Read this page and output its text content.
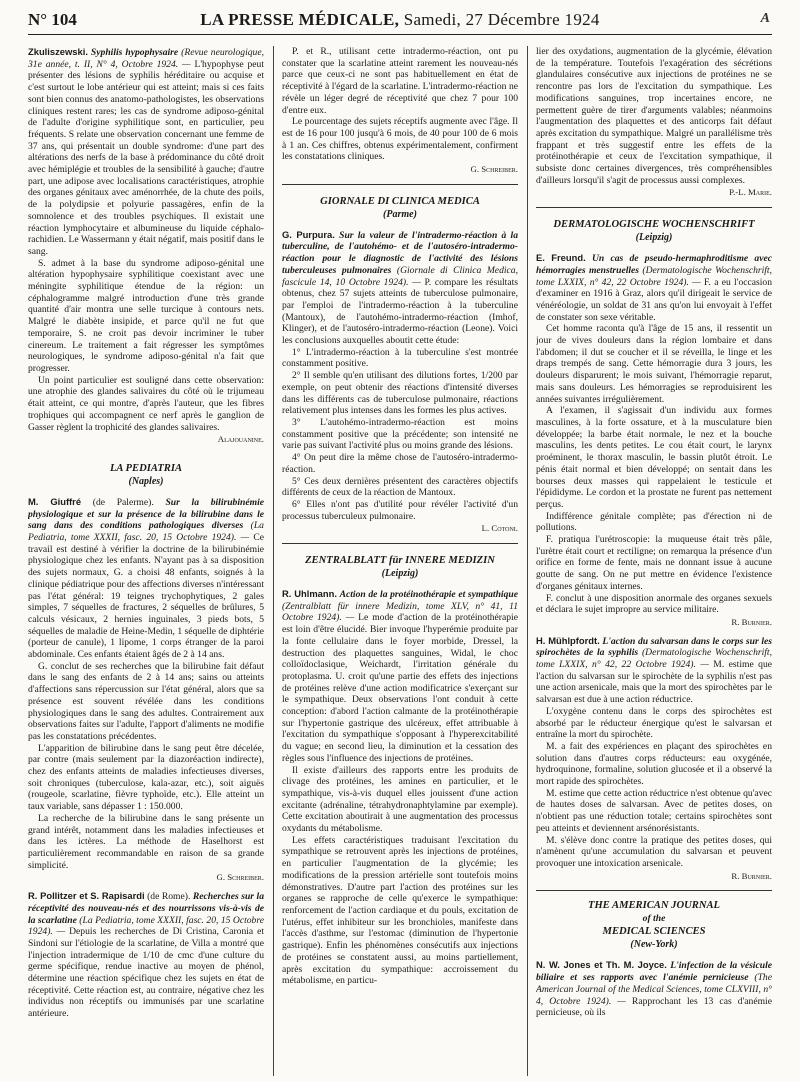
N° 104	LA PRESSE MÉDICALE, Samedi, 27 Décembre 1924	A

Zkuliszewski. Syphilis hypophysaire (Revue neurologique, 31e année, t. II, N° 4, Octobre 1924. — L'hypophyse peut présenter des lésions de syphilis héréditaire ou acquise et c'est surtout le lobe antérieur qui est atteint; mais si ces faits sont bien connus des anatomo-pathologistes, les observations cliniques restent rares; les cas de syndrome adiposo-génital de l'adulte d'origine syphilitique sont, en particulier, peu fréquents. S relate une observation concernant une femme de 37 ans, qui présentait un double syndrome: d'une part des altérations des nerfs de la base à prédominance du côté droit avec hémiplégie et troubles de la sensibilité à gauche; d'autre part, une adipose avec localisations caractéristiques, atrophie des organes génitaux avec aménorrhée, de la chute des poils, de la polydipsie et polyurie passagères, enfin de la somnolence et des troubles psychiques. Il existait une réaction lymphocytaire et albumineuse du liquide céphalo-rachidien. Le Wassermann y était négatif, mais positif dans le sang.

S. admet à la base du syndrome adiposo-génital une altération hypophysaire syphilitique coexistant avec une méningite syphilitique étendue de la région: un céphalogramme malgré introduction d'une très grande quantité d'air montra une selle turcique à contours nets. Malgré le diabète insipide, et parce qu'il ne fut que temporaire, S. ne croit pas devoir incriminer le tuber cinereum. Le traitement a fait régresser les symptômes neurologiques, le syndrome adiposo-génital n'a fait que progresser.

Un point particulier est souligné dans cette observation: une atrophie des glandes salivaires du côté où le trijumeau était atteint, ce qui montre, d'après l'auteur, que les fibres trophiques qui accompagnent ce nerf après le ganglion de Gasser règlent la trophicité des glandes salivaires.

Alajouanine.
LA PEDIATRIA
(Naples)

M. Giuffré (de Palerme). Sur la bilirubinémie physiologique et sur la présence de la bilirubine dans le sang dans des conditions pathologiques diverses (La Pediatria, tome XXXII, fasc. 20, 15 Octobre 1924). — Ce travail est destiné à vérifier la doctrine de la bilirubinémie physiologique chez les enfants. N'ayant pas à sa disposition des sujets normaux, G. a choisi 48 enfants, soignés à la clinique pédiatrique pour des affections diverses n'intéressant pas l'état général: 19 teignes trychophytiques, 2 gales simples, 7 séquelles de fractures, 2 séquelles de brûlures, 5 calculs vésicaux, 2 hernies inguinales, 3 pieds bots, 5 séquelles de maladie de Heine-Medin, 1 séquelle de diphtérie (porteur de canule), 1 lipome, 1 corps étranger de la paroi abdominale. Ces enfants étaient âgés de 2 à 14 ans.

G. conclut de ses recherches que la bilirubine fait défaut dans le sang des enfants de 2 à 14 ans; sains ou atteints d'affections sans répercussion sur l'état général, alors que sa présence est souvent révélée dans les conditions physiologiques dans le sang des adultes. Contrairement aux observations faites sur l'adulte, l'apport d'aliments ne modifie pas les constatations précédentes.

L'apparition de bilirubine dans le sang peut être décelée, par contre (mais seulement par la diazoréaction indirecte), chez des enfants atteints de maladies infectieuses diverses, soit chroniques (tuberculose, kala-azar, etc.), soit aiguës (rougeole, scarlatine, fièvre typhoïde, etc.). Elle atteint un taux variable, sans dépasser 1 : 150.000.

La recherche de la bilirubine dans le sang présente un grand intérêt, notamment dans les maladies infectieuses et dans les ictères. La méthode de Haselhorst est particulièrement recommandable en raison de sa grande simplicité.

G. Schreiber.

R. Pollitzer et S. Rapisardi (de Rome). Recherches sur la réceptivité des nouveau-nés et des nourrissons vis-à-vis de la scarlatine (La Pediatria, tome XXXII, fasc. 20, 15 Octobre 1924). — Depuis les recherches de Di Cristina, Caronia et Sindoni sur l'étiologie de la scarlatine, de Villa a montré que l'injection intradermique de 1/10 de cmc d'une culture du germe spécifique, rendue inactive au moyen de phénol, détermine une réaction spécifique chez les sujets en état de réceptivité. Cette réaction est, au contraire, négative chez les individus non réceptifs ou immunisés par une scarlatine antérieure.

P. et R., utilisant cette intradermo-réaction, ont pu constater que la scarlatine atteint rarement les nouveau-nés parce que ceux-ci ne sont pas habituellement en état de réceptivité à l'égard de la scarlatine. L'intradermo-réaction ne révèle un léger degré de réceptivité que chez 7 pour 100 d'entre eux.

Le pourcentage des sujets réceptifs augmente avec l'âge. Il est de 16 pour 100 jusqu'à 6 mois, de 40 pour 100 de 6 mois à 1 an. Ces chiffres, obtenus expérimentalement, confirment les constatations cliniques.

G. Schreiber.
GIORNALE DI CLINICA MEDICA
(Parme)

G. Purpura. Sur la valeur de l'intradermo-réaction à la tuberculine, de l'autohémo- et de l'autoséro-intradermo-réaction pour le diagnostic de l'activité des lésions tuberculeuses pulmonaires (Giornale di Clinica Medica, fascicule 14, 10 Octobre 1924). — P. compare les résultats obtenus, chez 57 sujets atteints de tuberculose pulmonaire, par l'emploi de l'intradermo-réaction à la tuberculine (Mantoux), de l'autohémo-intradermo-réaction (Imhof, Klinger), et de l'autoséro-intradermo-réaction (Leone). Voici les conclusions auxquelles aboutit cette étude:

1° L'intradermo-réaction à la tuberculine s'est montrée constamment positive.

2° Il semble qu'en utilisant des dilutions fortes, 1/200 par exemple, on peut obtenir des réactions d'intensité diverses dans les différents cas de tuberculose pulmonaire, réactions relativement plus intenses dans les formes les plus actives.

3° L'autohémo-intradermo-réaction est moins constamment positive que la précédente; son intensité ne varie pas suivant l'activité plus ou moins grande des lésions.

4° On peut dire la même chose de l'autoséro-intradermo-réaction.

5° Ces deux dernières présentent des caractères objectifs différents de ceux de la réaction de Mantoux.

6° Elles n'ont pas d'utilité pour révéler l'activité d'un processus tuberculeux pulmonaire.

L. Cotoni.
ZENTRALBLATT für INNERE MEDIZIN
(Leipzig)

R. Uhlmann. Action de la protéinothérapie et sympathique (Zentralblatt für innere Medizin, tome XLV, n° 41, 11 Octobre 1924). — Le mode d'action de la protéinothérapie est loin d'être élucidé. Bier invoque l'hyperémie produite par la fonte cellulaire dans le foyer morbide, Dressel, la destruction des plaquettes sanguines, Widal, le choc colloïdoclasique, Weichardt, l'irritation générale du protoplasma. U. croit qu'une partie des effets des injections de protéines relève d'une action modificatrice s'exerçant sur le sympathique. Deux observations l'ont conduit à cette conception: d'abord l'action calmante de la protéinothérapie sur l'hypertonie gastrique des ulcéreux, effet attribuable à l'excitation du sympathique s'opposant à l'hyperexcitabilité du vague; en second lieu, la diminution et la cessation des règles sous l'influence des injections de protéines.

Il existe d'ailleurs des rapports entre les produits de clivage des protéines, les amines en particulier, et le sympathique, vis-à-vis duquel elles jouissent d'une action excitante (adrénaline, tétrahydronaphtylamine par exemple). Cette excitation aboutirait à une augmentation des processus oxydants du métabolisme.

Les effets caractéristiques traduisant l'excitation du sympathique se retrouvent après les injections de protéines, en particulier l'augmentation de la glycémie; les modifications de la pression artérielle sont toutefois moins démonstratives. D'autre part l'action des protéines sur les organes se rapproche de celle qu'exerce le sympathique: renforcement de l'action cardiaque et du pouls, excitation de l'utérus, effet inhibiteur sur les bronchioles, manifeste dans l'accès d'asthme, sur l'estomac (diminution de l'hypertonie gastrique). Enfin les phénomènes consécutifs aux injections de protéines se constatent aussi, au moins partiellement, après excitation du sympathique: accroissement du métabolisme, en particu-

lier des oxydations, augmentation de la glycémie, élévation de la température. Toutefois l'exagération des sécrétions glandulaires consécutive aux injections de protéines ne se rencontre pas lors de l'excitation du sympathique. Les modifications sanguines, trop incertaines encore, ne permettent guère de tirer d'arguments valables; néanmoins l'augmentation des plaquettes et des anticorps fait défaut après excitation du sympathique. Malgré un parallélisme très frappant et très suggestif entre les effets de la protéinothérapie et ceux de l'excitation sympathique, il subsiste donc certaines divergences, très compréhensibles d'ailleurs lorsqu'il s'agit de processus aussi complexes.

P.-L. Marie.
DERMATOLOGISCHE WOCHENSCHRIFT
(Leipzig)

E. Freund. Un cas de pseudo-hermaphroditisme avec hémorragies menstruelles (Dermatologische Wochenschrift, tome LXXIX, n° 42, 22 Octobre 1924). — F. a eu l'occasion d'examiner en 1916 à Graz, alors qu'il dirigeait le service de vénéréologie, un soldat de 31 ans qu'on lui envoyait à l'effet de constater son sexe véritable.

Cet homme raconta qu'à l'âge de 15 ans, il ressentit un jour de vives douleurs dans la région lombaire et dans l'abdomen; il dut se coucher et il se réveilla, le linge et les draps trempés de sang. Cette hémorragie dura 3 jours, les douleurs disparurent; le mois suivant, l'hémorragie reparut, mais sans douleurs. Les hémorragies se reproduisirent les années suivantes irrégulièrement.

A l'examen, il s'agissait d'un individu aux formes masculines, à la forte ossature, et à la musculature bien développée; la barbe était normale, le nez et la bouche masculins, les dents petites. Le cou était court, le larynx proéminent, le thorax masculin, le bassin plutôt étroit. Le pénis était normal et bien développé; on sentait dans les bourses deux masses qui rappelaient le testicule et l'épididyme. Le cordon et la prostate ne furent pas nettement perçus.

Indifférence génitale complète; pas d'érection ni de pollutions.

F. pratiqua l'urétroscopie: la muqueuse était très pâle, l'urètre était court et rectiligne; on remarqua la présence d'un orifice en forme de fente, mais ne donnant issue à aucune goutte de sang. On ne put mettre en évidence l'existence d'organes génitaux internes.

F. conclut à une disposition anormale des organes sexuels et déclara le sujet impropre au service militaire.

R. Burnier.

H. Mühlpfordt. L'action du salvarsan dans le corps sur les spirochètes de la syphilis (Dermatologische Wochenschrift, tome LXXIX, n° 42, 22 Octobre 1924). — M. estime que l'action du salvarsan sur le spirochète de la syphilis n'est pas une action arsenicale, mais que la mort des spirochètes par le salvarsan est due à une action réductrice.

L'oxygène contenu dans le corps des spirochètes est absorbé par le réducteur énergique qu'est le salvarsan et entraîne la mort du spirochète.

M. a fait des expériences en plaçant des spirochètes en solution dans d'autres corps réducteurs: eau oxygénée, hydroquinone, formaline, solution glucosée et il a observé la mort rapide des spirochètes.

M. estime que cette action réductrice n'est obtenue qu'avec de hautes doses de salvarsan. Avec de petites doses, on n'obtient pas une réduction totale; certains spirochètes sont peu atteints et deviennent arsénorésistants.

M. s'élève donc contre la pratique des petites doses, qui n'amènent qu'une accumulation du salvarsan et peuvent provoquer une intoxication arsenicale.

R. Burnier.
THE AMERICAN JOURNAL
of the
MEDICAL SCIENCES
(New-York)

N. W. Jones et Th. M. Joyce. L'infection de la vésicule biliaire et ses rapports avec l'anémie pernicieuse (The American Journal of the Medical Sciences, tome CLXVIII, n° 4, Octobre 1924). — Rapprochant les 13 cas d'anémie pernicieuse, où ils
